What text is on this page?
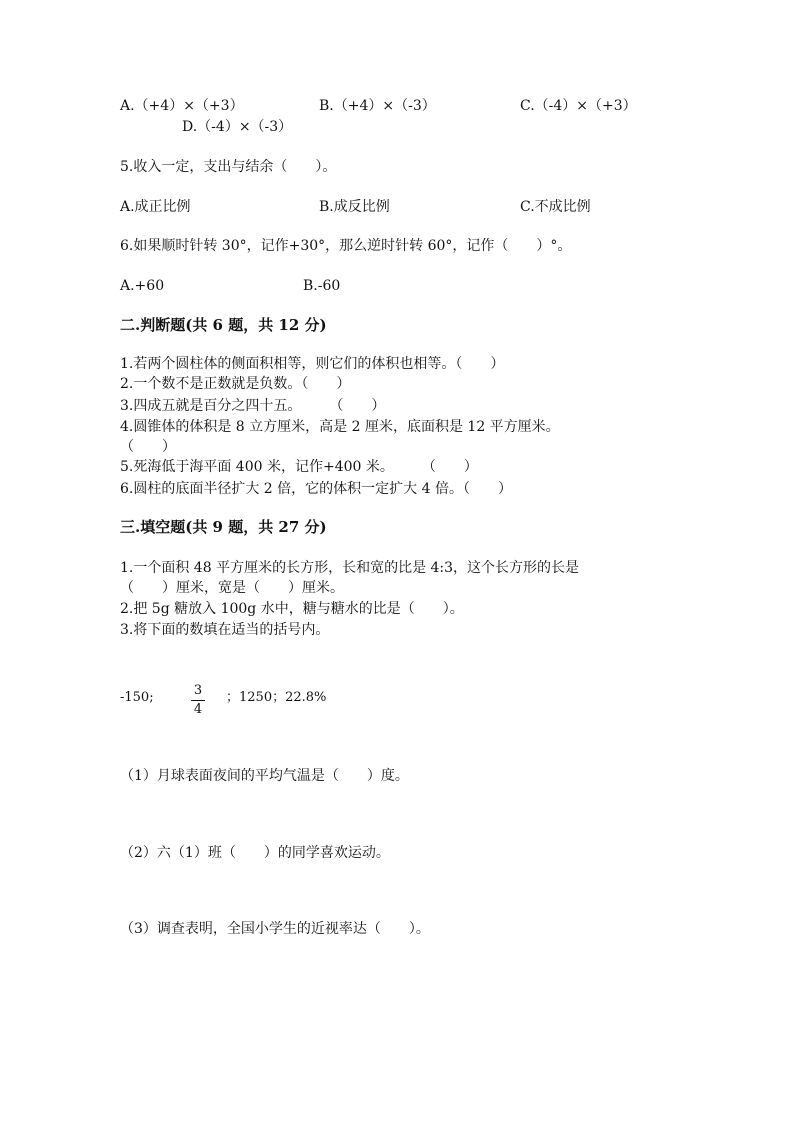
A.（+4）×（+3）	B.（+4）×（-3）	C.（-4）×（+3）
D.（-4）×（-3）
5.收入一定，支出与结余（　　）。
A.成正比例	B.成反比例	C.不成比例
6.如果顺时针转 30°，记作+30°，那么逆时针转 60°，记作（　　）°。
A.+60	B.-60
二.判断题(共 6 题，共 12 分)
1.若两个圆柱体的侧面积相等，则它们的体积也相等。（　　）
2.一个数不是正数就是负数。（　　）
3.四成五就是百分之四十五。　　　（　　）
4.圆锥体的体积是 8 立方厘米，高是 2 厘米，底面积是 12 平方厘米。
（　　）
5.死海低于海平面 400 米，记作+400 米。　　　（　　）
6.圆柱的底面半径扩大 2 倍，它的体积一定扩大 4 倍。（　　）
三.填空题(共 9 题，共 27 分)
1.一个面积 48 平方厘米的长方形，长和宽的比是 4:3，这个长方形的长是
（　　）厘米，宽是（　　）厘米。
2.把 5g 糖放入 100g 水中，糖与糖水的比是（　　）。
3.将下面的数填在适当的括号内。
-150;	3
4
；1250；22.8%
（1）月球表面夜间的平均气温是（　　）度。
（2）六（1）班（　　）的同学喜欢运动。
（3）调查表明，全国小学生的近视率达（　　）。
